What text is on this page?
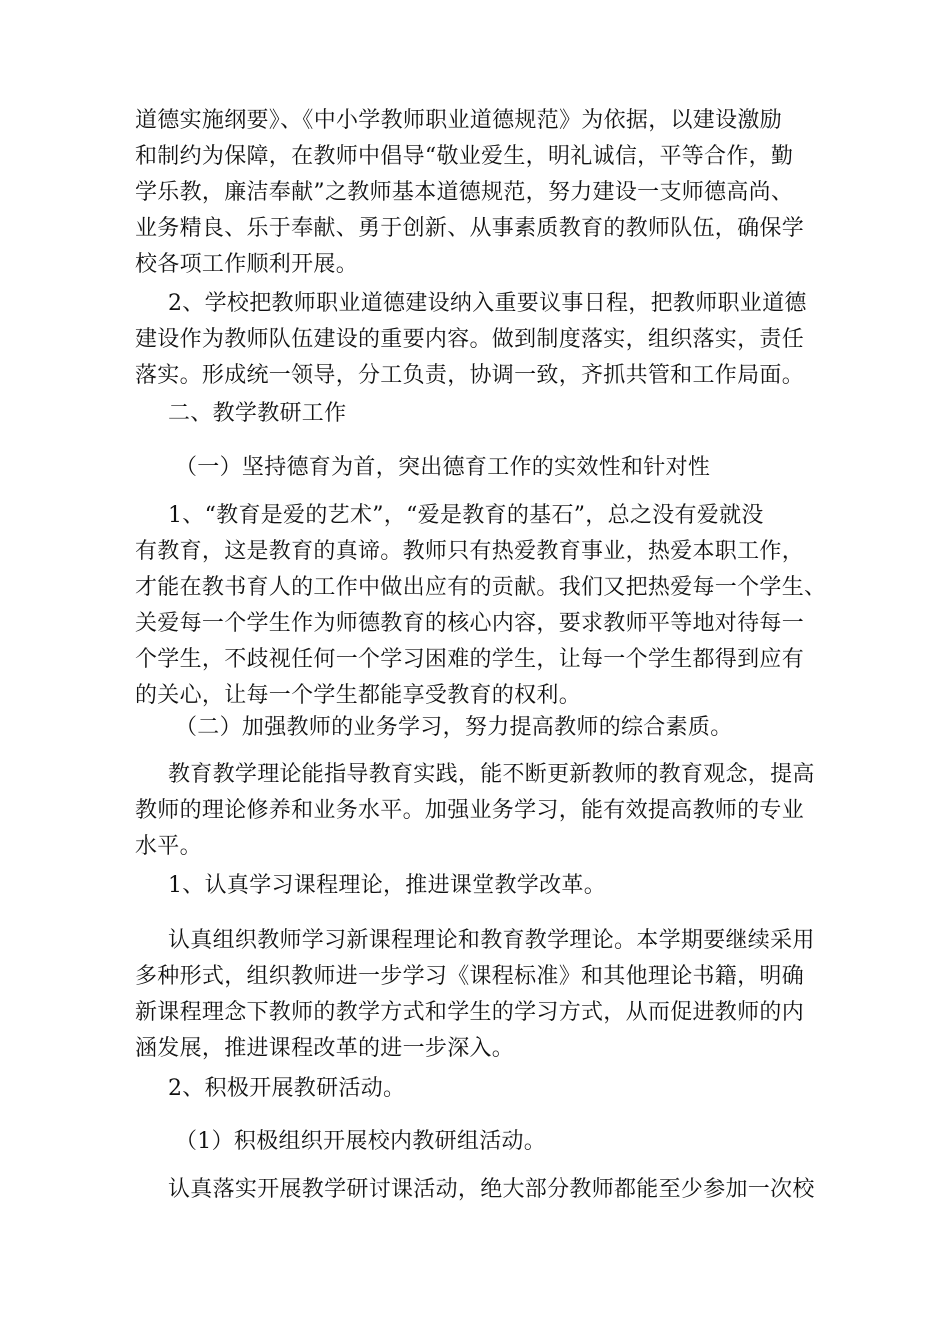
道德实施纲要》、《中小学教师职业道德规范》为依据，以建设激励
和制约为保障，在教师中倡导“敬业爱生，明礼诚信，平等合作，勤
学乐教，廉洁奉献”之教师基本道德规范，努力建设一支师德高尚、
业务精良、乐于奉献、勇于创新、从事素质教育的教师队伍，确保学
校各项工作顺利开展。
2、学校把教师职业道德建设纳入重要议事日程，把教师职业道德
建设作为教师队伍建设的重要内容。做到制度落实，组织落实，责任
落实。形成统一领导，分工负责，协调一致，齐抓共管和工作局面。
二、教学教研工作
（一）坚持德育为首，突出德育工作的实效性和针对性
1、“教育是爱的艺术”，“爱是教育的基石”，总之没有爱就没
有教育，这是教育的真谛。教师只有热爱教育事业，热爱本职工作，
才能在教书育人的工作中做出应有的贡献。我们又把热爱每一个学生、
关爱每一个学生作为师德教育的核心内容，要求教师平等地对待每一
个学生，不歧视任何一个学习困难的学生，让每一个学生都得到应有
的关心，让每一个学生都能享受教育的权利。
（二）加强教师的业务学习，努力提高教师的综合素质。
教育教学理论能指导教育实践，能不断更新教师的教育观念，提高
教师的理论修养和业务水平。加强业务学习，能有效提高教师的专业
水平。
1、认真学习课程理论，推进课堂教学改革。
认真组织教师学习新课程理论和教育教学理论。本学期要继续采用
多种形式，组织教师进一步学习《课程标准》和其他理论书籍，明确
新课程理念下教师的教学方式和学生的学习方式，从而促进教师的内
涵发展，推进课程改革的进一步深入。
2、积极开展教研活动。
（1）积极组织开展校内教研组活动。
认真落实开展教学研讨课活动，绝大部分教师都能至少参加一次校
